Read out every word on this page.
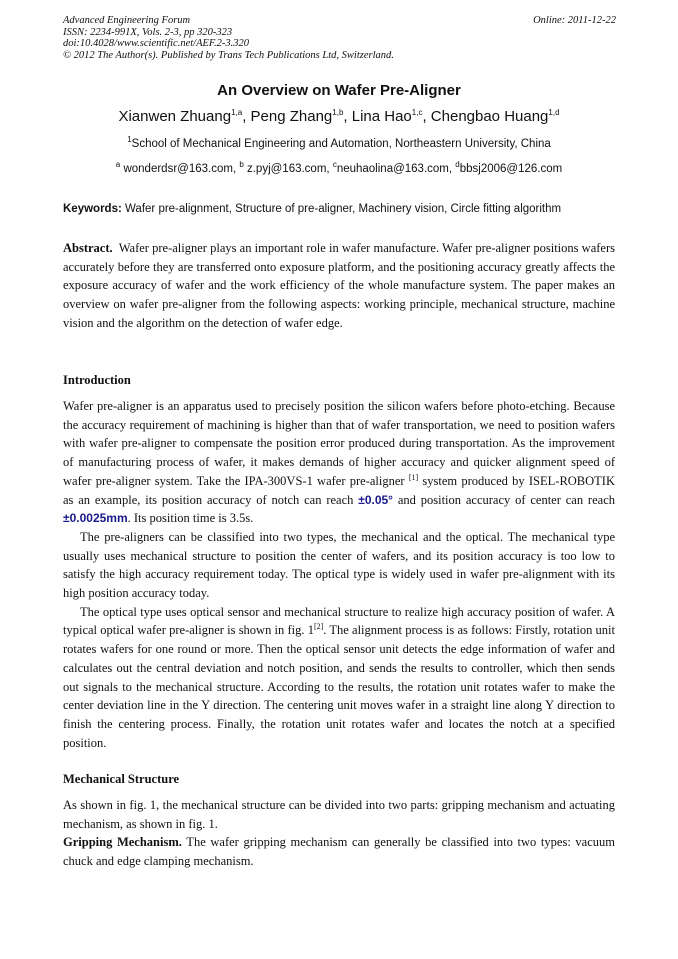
Advanced Engineering Forum
ISSN: 2234-991X, Vols. 2-3, pp 320-323
doi:10.4028/www.scientific.net/AEF.2-3.320
© 2012 The Author(s). Published by Trans Tech Publications Ltd, Switzerland.
Online: 2011-12-22
An Overview on Wafer Pre-Aligner
Xianwen Zhuang$^{1,a}$, Peng Zhang$^{1,b}$, Lina Hao$^{1,c}$, Chengbao Huang$^{1,d}$
$^1$School of Mechanical Engineering and Automation, Northeastern University, China
$^a$ wonderdsr@163.com, $^b$ z.pyj@163.com, $^c$neuhaolina@163.com, $^d$bbsj2006@126.com
Keywords: Wafer pre-alignment, Structure of pre-aligner, Machinery vision, Circle fitting algorithm

Abstract. Wafer pre-aligner plays an important role in wafer manufacture. Wafer pre-aligner positions wafers accurately before they are transferred onto exposure platform, and the positioning accuracy greatly affects the exposure accuracy of wafer and the work efficiency of the whole manufacture system. The paper makes an overview on wafer pre-aligner from the following aspects: working principle, mechanical structure, machine vision and the algorithm on the detection of wafer edge.

Introduction

Wafer pre-aligner is an apparatus used to precisely position the silicon wafers before photo-etching. Because the accuracy requirement of machining is higher than that of wafer transportation, we need to position wafers with wafer pre-aligner to compensate the position error produced during transportation. As the improvement of manufacturing process of wafer, it makes demands of higher accuracy and quicker alignment speed of wafer pre-aligner system. Take the IPA-300VS-1 wafer pre-aligner [1] system produced by ISEL-ROBOTIK as an example, its position accuracy of notch can reach ±0.05° and position accuracy of center can reach ±0.0025mm. Its position time is 3.5s.

The pre-aligners can be classified into two types, the mechanical and the optical. The mechanical type usually uses mechanical structure to position the center of wafers, and its position accuracy is too low to satisfy the high accuracy requirement today. The optical type is widely used in wafer pre-alignment with its high position accuracy today.

The optical type uses optical sensor and mechanical structure to realize high accuracy position of wafer. A typical optical wafer pre-aligner is shown in fig. 1[2]. The alignment process is as follows: Firstly, rotation unit rotates wafers for one round or more. Then the optical sensor unit detects the edge information of wafer and calculates out the central deviation and notch position, and sends the results to controller, which then sends out signals to the mechanical structure. According to the results, the rotation unit rotates wafer to make the center deviation line in the Y direction. The centering unit moves wafer in a straight line along Y direction to finish the centering process. Finally, the rotation unit rotates wafer and locates the notch at a specified position.

Mechanical Structure

As shown in fig. 1, the mechanical structure can be divided into two parts: gripping mechanism and actuating mechanism, as shown in fig. 1.

Gripping Mechanism. The wafer gripping mechanism can generally be classified into two types: vacuum chuck and edge clamping mechanism.
